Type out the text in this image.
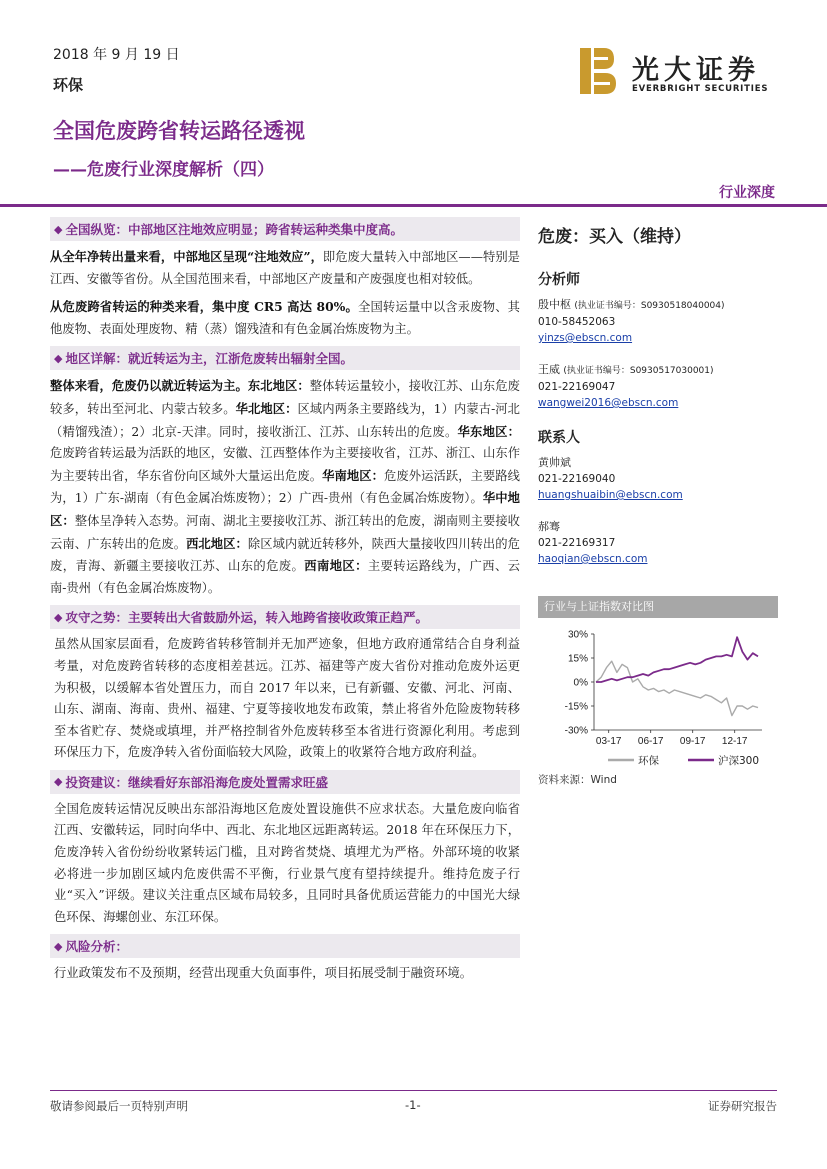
2018 年 9 月 19 日
环保	光大证券
EVERBRIGHT SECURITIES
全国危废跨省转运路径透视
——危废行业深度解析（四）
行业深度
◆ 全国纵览：中部地区注地效应明显；跨省转运种类集中度高。

从全年净转出量来看，中部地区呈现“注地效应”，即危废大量转入中部地区——特别是江西、安徽等省份。从全国范围来看，中部地区产废量和产废强度也相对较低。

从危废跨省转运的种类来看，集中度 CR5 高达 80%。全国转运量中以含汞废物、其他废物、表面处理废物、精（蒸）馏残渣和有色金属冶炼废物为主。

◆ 地区详解：就近转运为主，江浙危废转出辐射全国。

整体来看，危废仍以就近转运为主。东北地区：整体转运量较小，接收江苏、山东危废较多，转出至河北、内蒙古较多。华北地区：区域内两条主要路线为，1）内蒙古-河北（精馏残渣）；2）北京-天津。同时，接收浙江、江苏、山东转出的危废。华东地区：危废跨省转运最为活跃的地区，安徽、江西整体作为主要接收省，江苏、浙江、山东作为主要转出省，华东省份向区域外大量运出危废。华南地区：危废外运活跃，主要路线为，1）广东-湖南（有色金属冶炼废物）；2）广西-贵州（有色金属冶炼废物）。华中地区：整体呈净转入态势。河南、湖北主要接收江苏、浙江转出的危废，湖南则主要接收云南、广东转出的危废。西北地区：除区域内就近转移外，陕西大量接收四川转出的危废，青海、新疆主要接收江苏、山东的危废。西南地区：主要转运路线为，广西、云南-贵州（有色金属冶炼废物）。

◆ 攻守之势：主要转出大省鼓励外运，转入地跨省接收政策正趋严。

虽然从国家层面看，危废跨省转移管制并无加严迹象，但地方政府通常结合自身利益考量，对危废跨省转移的态度相差甚远。江苏、福建等产废大省份对推动危废外运更为积极，以缓解本省处置压力，而自 2017 年以来，已有新疆、安徽、河北、河南、山东、湖南、海南、贵州、福建、宁夏等接收地发布政策，禁止将省外危险废物转移至本省贮存、焚烧或填埋，并严格控制省外危废转移至本省进行资源化利用。考虑到环保压力下，危废净转入省份面临较大风险，政策上的收紧符合地方政府利益。

◆ 投资建议：继续看好东部沿海危废处置需求旺盛

全国危废转运情况反映出东部沿海地区危废处置设施供不应求状态。大量危废向临省江西、安徽转运，同时向华中、西北、东北地区远距离转运。2018 年在环保压力下，危废净转入省份纷纷收紧转运门槛，且对跨省焚烧、填埋尤为严格。外部环境的收紧必将进一步加剧区域内危废供需不平衡，行业景气度有望持续提升。维持危废子行业“买入”评级。建议关注重点区域布局较多，且同时具备优质运营能力的中国光大绿色环保、海螺创业、东江环保。

◆ 风险分析：

行业政策发布不及预期，经营出现重大负面事件，项目拓展受制于融资环境。

危废：买入（维持）
分析师
殷中枢 (执业证书编号：S0930518040004)
010-58452063
yinzs@ebscn.com
王威 (执业证书编号：S0930517030001)
021-22169047
wangwei2016@ebscn.com
联系人
黄帅斌
021-22169040
huangshuaibin@ebscn.com
郝骞
021-22169317
haoqian@ebscn.com
行业与上证指数对比图
30%
15%
0%
-15%
-30%
03-17 06-17 09-17 12-17
环保	沪深300
资料来源：Wind
敬请参阅最后一页特别声明	-1-	证券研究报告
